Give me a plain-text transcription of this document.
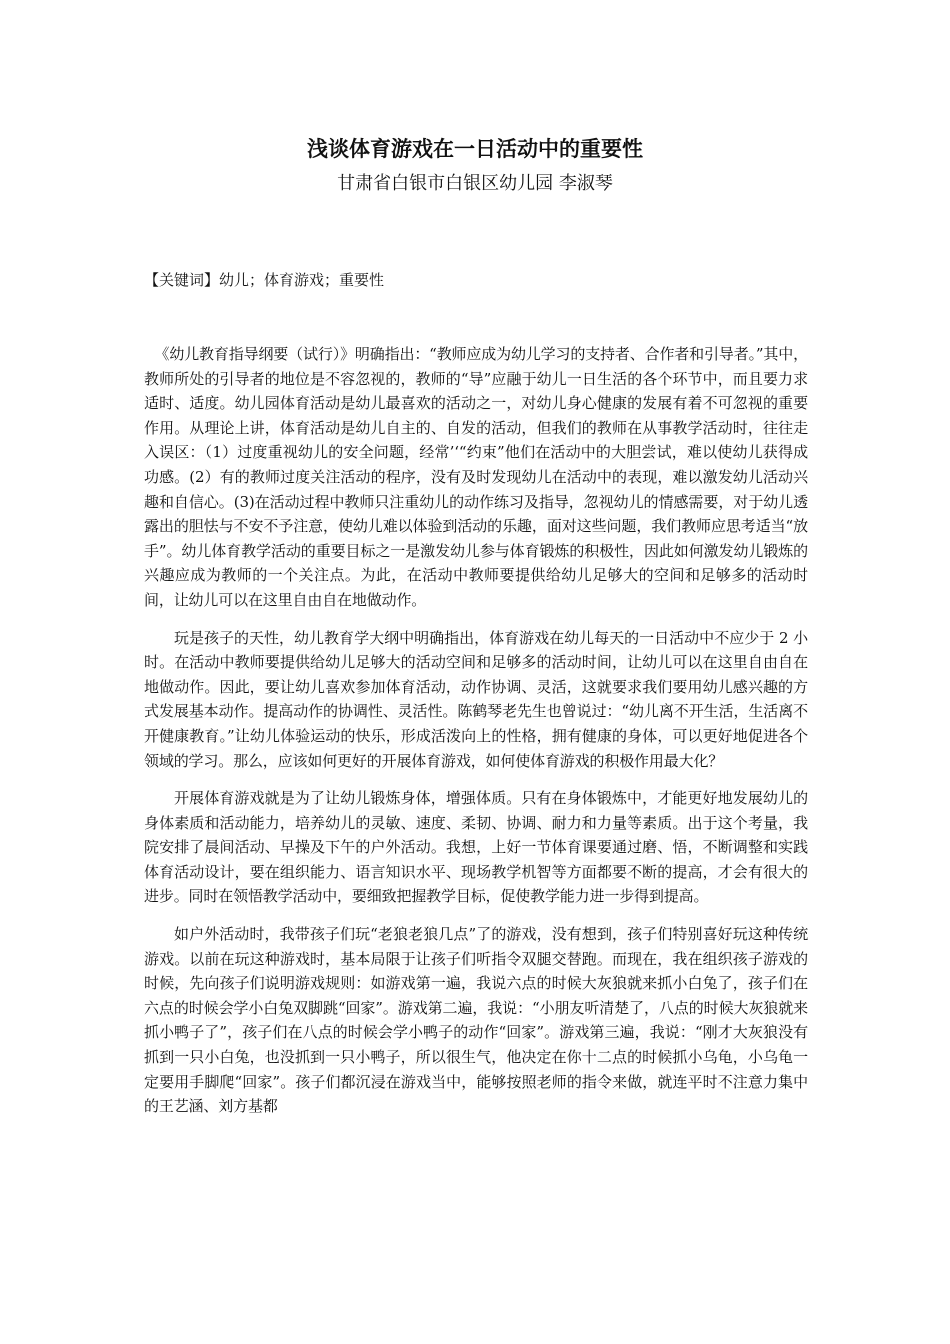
浅谈体育游戏在一日活动中的重要性

甘肃省白银市白银区幼儿园 李淑琴

【关键词】幼儿；体育游戏；重要性

《幼儿教育指导纲要（试行）》明确指出：“教师应成为幼儿学习的支持者、合作者和引导者。”其中，教师所处的引导者的地位是不容忽视的，教师的“导”应融于幼儿一日生活的各个环节中，而且要力求适时、适度。幼儿园体育活动是幼儿最喜欢的活动之一，对幼儿身心健康的发展有着不可忽视的重要作用。从理论上讲，体育活动是幼儿自主的、自发的活动，但我们的教师在从事教学活动时，往往走入误区：（1）过度重视幼儿的安全问题，经常’‘“约束”他们在活动中的大胆尝试，难以使幼儿获得成功感。(2）有的教师过度关注活动的程序，没有及时发现幼儿在活动中的表现，难以激发幼儿活动兴趣和自信心。(3)在活动过程中教师只注重幼儿的动作练习及指导，忽视幼儿的情感需要，对于幼儿透露出的胆怯与不安不予注意，使幼儿难以体验到活动的乐趣，面对这些问题，我们教师应思考适当“放手”。幼儿体育教学活动的重要目标之一是激发幼儿参与体育锻炼的积极性，因此如何激发幼儿锻炼的兴趣应成为教师的一个关注点。为此，在活动中教师要提供给幼儿足够大的空间和足够多的活动时间，让幼儿可以在这里自由自在地做动作。

玩是孩子的天性，幼儿教育学大纲中明确指出，体育游戏在幼儿每天的一日活动中不应少于 2 小时。在活动中教师要提供给幼儿足够大的活动空间和足够多的活动时间，让幼儿可以在这里自由自在地做动作。因此，要让幼儿喜欢参加体育活动，动作协调、灵活，这就要求我们要用幼儿感兴趣的方式发展基本动作。提高动作的协调性、灵活性。陈鹤琴老先生也曾说过：“幼儿离不开生活，生活离不开健康教育。”让幼儿体验运动的快乐，形成活泼向上的性格，拥有健康的身体，可以更好地促进各个领域的学习。那么，应该如何更好的开展体育游戏，如何使体育游戏的积极作用最大化？

开展体育游戏就是为了让幼儿锻炼身体，增强体质。只有在身体锻炼中，才能更好地发展幼儿的身体素质和活动能力，培养幼儿的灵敏、速度、柔韧、协调、耐力和力量等素质。出于这个考量，我院安排了晨间活动、早操及下午的户外活动。我想，上好一节体育课要通过磨、悟，不断调整和实践体育活动设计，要在组织能力、语言知识水平、现场教学机智等方面都要不断的提高，才会有很大的进步。同时在领悟教学活动中，要细致把握教学目标，促使教学能力进一步得到提高。

如户外活动时，我带孩子们玩“老狼老狼几点”了的游戏，没有想到，孩子们特别喜好玩这种传统游戏。以前在玩这种游戏时，基本局限于让孩子们听指令双腿交替跑。而现在，我在组织孩子游戏的时候，先向孩子们说明游戏规则：如游戏第一遍，我说六点的时候大灰狼就来抓小白兔了，孩子们在六点的时候会学小白兔双脚跳“回家”。游戏第二遍，我说：“小朋友听清楚了，八点的时候大灰狼就来抓小鸭子了”，孩子们在八点的时候会学小鸭子的动作“回家”。游戏第三遍，我说：“刚才大灰狼没有抓到一只小白兔，也没抓到一只小鸭子，所以很生气，他决定在你十二点的时候抓小乌龟，小乌龟一定要用手脚爬“回家”。孩子们都沉浸在游戏当中，能够按照老师的指令来做，就连平时不注意力集中的王艺涵、刘方基都
